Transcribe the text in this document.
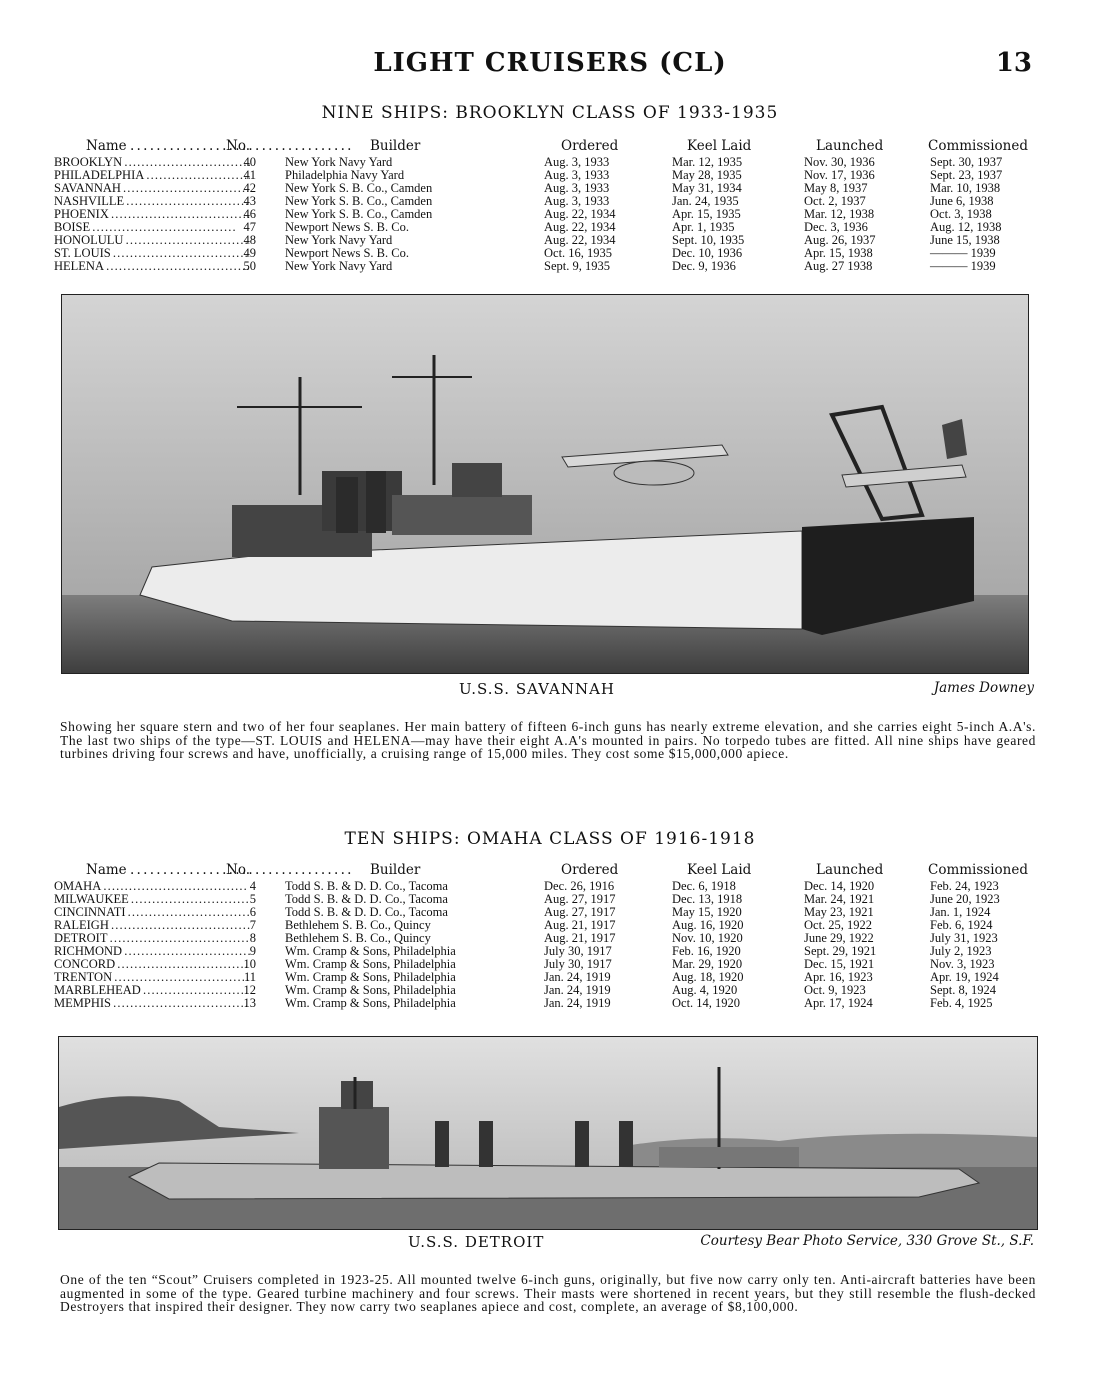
LIGHT CRUISERS (CL)	13
NINE SHIPS: BROOKLYN CLASS OF 1933-1935
Name . . .	No.	Builder	Ordered	Keel Laid	Launched	Commissioned
BROOKLYN . . .	40 New York Navy Yard	Aug. 3, 1933	Mar. 12, 1935	Nov. 30, 1936	Sept. 30, 1937
PHILADELPHIA . . .	41 Philadelphia Navy Yard	Aug. 3, 1933	May 28, 1935	Nov. 17, 1936	Sept. 23, 1937
SAVANNAH . . .	42 New York S. B. Co., Camden	Aug. 3, 1933	May 31, 1934	May 8, 1937	Mar. 10, 1938
NASHVILLE . . .	43 New York S. B. Co., Camden	Aug. 3, 1933	Jan. 24, 1935	Oct. 2, 1937	June 6, 1938
PHOENIX . . .	46 New York S. B. Co., Camden	Aug. 22, 1934	Apr. 15, 1935	Mar. 12, 1938	Oct. 3, 1938
BOISE . . .	47 Newport News S. B. Co.	Aug. 22, 1934	Apr. 1, 1935	Dec. 3, 1936	Aug. 12, 1938
HONOLULU . . .	48 New York Navy Yard	Aug. 22, 1934	Sept. 10, 1935	Aug. 26, 1937	June 15, 1938
ST. LOUIS . . .	49 Newport News S. B. Co.	Oct. 16, 1935	Dec. 10, 1936	Apr. 15, 1938	——— 1939
HELENA . . .	50 New York Navy Yard	Sept. 9, 1935	Dec. 9, 1936	Aug. 27 1938	——— 1939
U.S.S. SAVANNAH	James Downey
Showing her square stern and two of her four seaplanes. Her main battery of fifteen 6-inch guns has nearly extreme elevation, and she carries eight 5-inch A.A's. The last two ships of the type—ST. LOUIS and HELENA—may have their eight A.A's mounted in pairs. No torpedo tubes are fitted. All nine ships have geared turbines driving four screws and have, unofficially, a cruising range of 15,000 miles. They cost some $15,000,000 apiece.
TEN SHIPS: OMAHA CLASS OF 1916-1918
Name . . .	No.	Builder	Ordered	Keel Laid	Launched	Commissioned
OMAHA . . .	4 Todd S. B. & D. D. Co., Tacoma	Dec. 26, 1916	Dec. 6, 1918	Dec. 14, 1920	Feb. 24, 1923
MILWAUKEE . . .	5 Todd S. B. & D. D. Co., Tacoma	Aug. 27, 1917	Dec. 13, 1918	Mar. 24, 1921	June 20, 1923
CINCINNATI . . .	6 Todd S. B. & D. D. Co., Tacoma	Aug. 27, 1917	May 15, 1920	May 23, 1921	Jan. 1, 1924
RALEIGH . . .	7 Bethlehem S. B. Co., Quincy	Aug. 21, 1917	Aug. 16, 1920	Oct. 25, 1922	Feb. 6, 1924
DETROIT . . .	8 Bethlehem S. B. Co., Quincy	Aug. 21, 1917	Nov. 10, 1920	June 29, 1922	July 31, 1923
RICHMOND . . .	9 Wm. Cramp & Sons, Philadelphia	July 30, 1917	Feb. 16, 1920	Sept. 29, 1921	July 2, 1923
CONCORD . . .	10 Wm. Cramp & Sons, Philadelphia	July 30, 1917	Mar. 29, 1920	Dec. 15, 1921	Nov. 3, 1923
TRENTON . . .	11 Wm. Cramp & Sons, Philadelphia	Jan. 24, 1919	Aug. 18, 1920	Apr. 16, 1923	Apr. 19, 1924
MARBLEHEAD . . .	12 Wm. Cramp & Sons, Philadelphia	Jan. 24, 1919	Aug. 4, 1920	Oct. 9, 1923	Sept. 8, 1924
MEMPHIS . . .	13 Wm. Cramp & Sons, Philadelphia	Jan. 24, 1919	Oct. 14, 1920	Apr. 17, 1924	Feb. 4, 1925
U.S.S. DETROIT	Courtesy Bear Photo Service, 330 Grove St., S.F.
One of the ten “Scout” Cruisers completed in 1923-25. All mounted twelve 6-inch guns, originally, but five now carry only ten. Anti-aircraft batteries have been augmented in some of the type. Geared turbine machinery and four screws. Their masts were shortened in recent years, but they still resemble the flush-decked Destroyers that inspired their designer. They now carry two seaplanes apiece and cost, complete, an average of $8,100,000.
